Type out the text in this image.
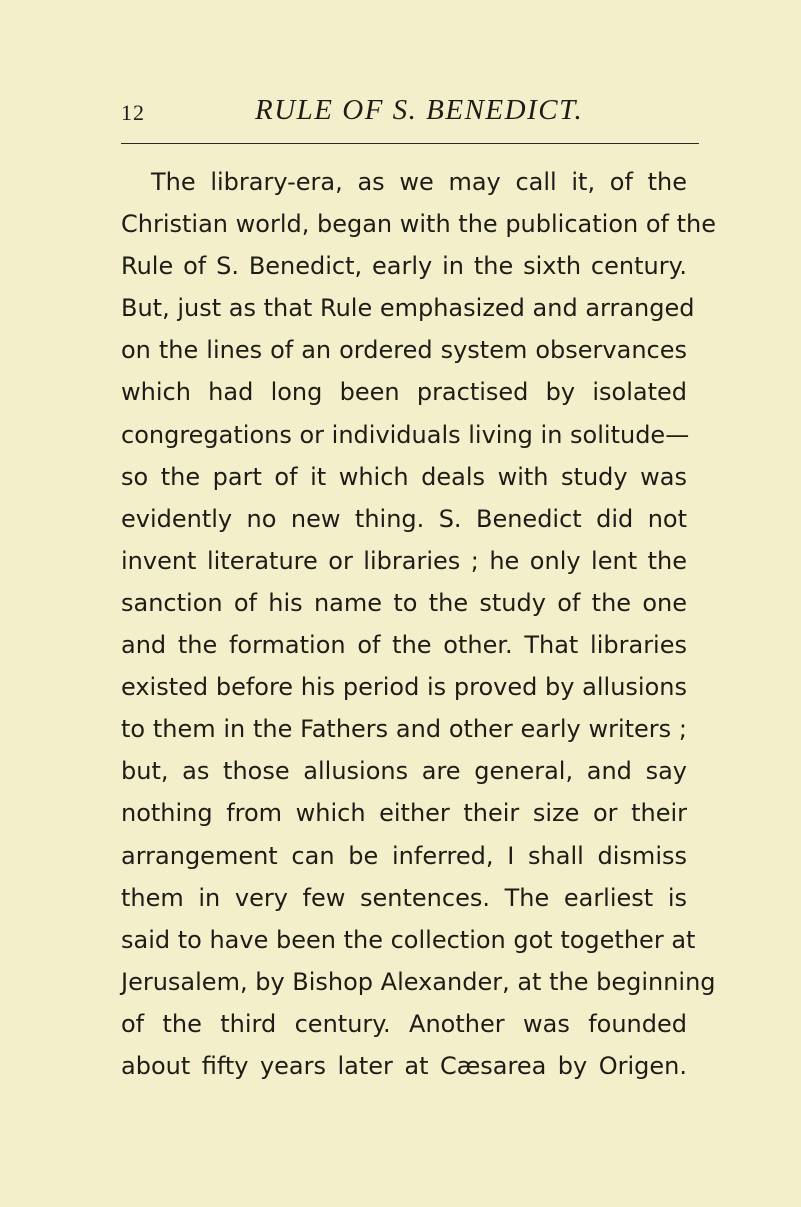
12	RULE OF S. BENEDICT.
The library-era, as we may call it, of the
Christian world, began with the publication of the
Rule of S. Benedict, early in the sixth century.
But, just as that Rule emphasized and arranged
on the lines of an ordered system observances
which had long been practised by isolated
congregations or individuals living in solitude—
so the part of it which deals with study was
evidently no new thing. S. Benedict did not
invent literature or libraries ; he only lent the
sanction of his name to the study of the one
and the formation of the other. That libraries
existed before his period is proved by allusions
to them in the Fathers and other early writers ;
but, as those allusions are general, and say
nothing from which either their size or their
arrangement can be inferred, I shall dismiss
them in very few sentences. The earliest is
said to have been the collection got together at
Jerusalem, by Bishop Alexander, at the beginning
of the third century. Another was founded
about fifty years later at Cæsarea by Origen.
